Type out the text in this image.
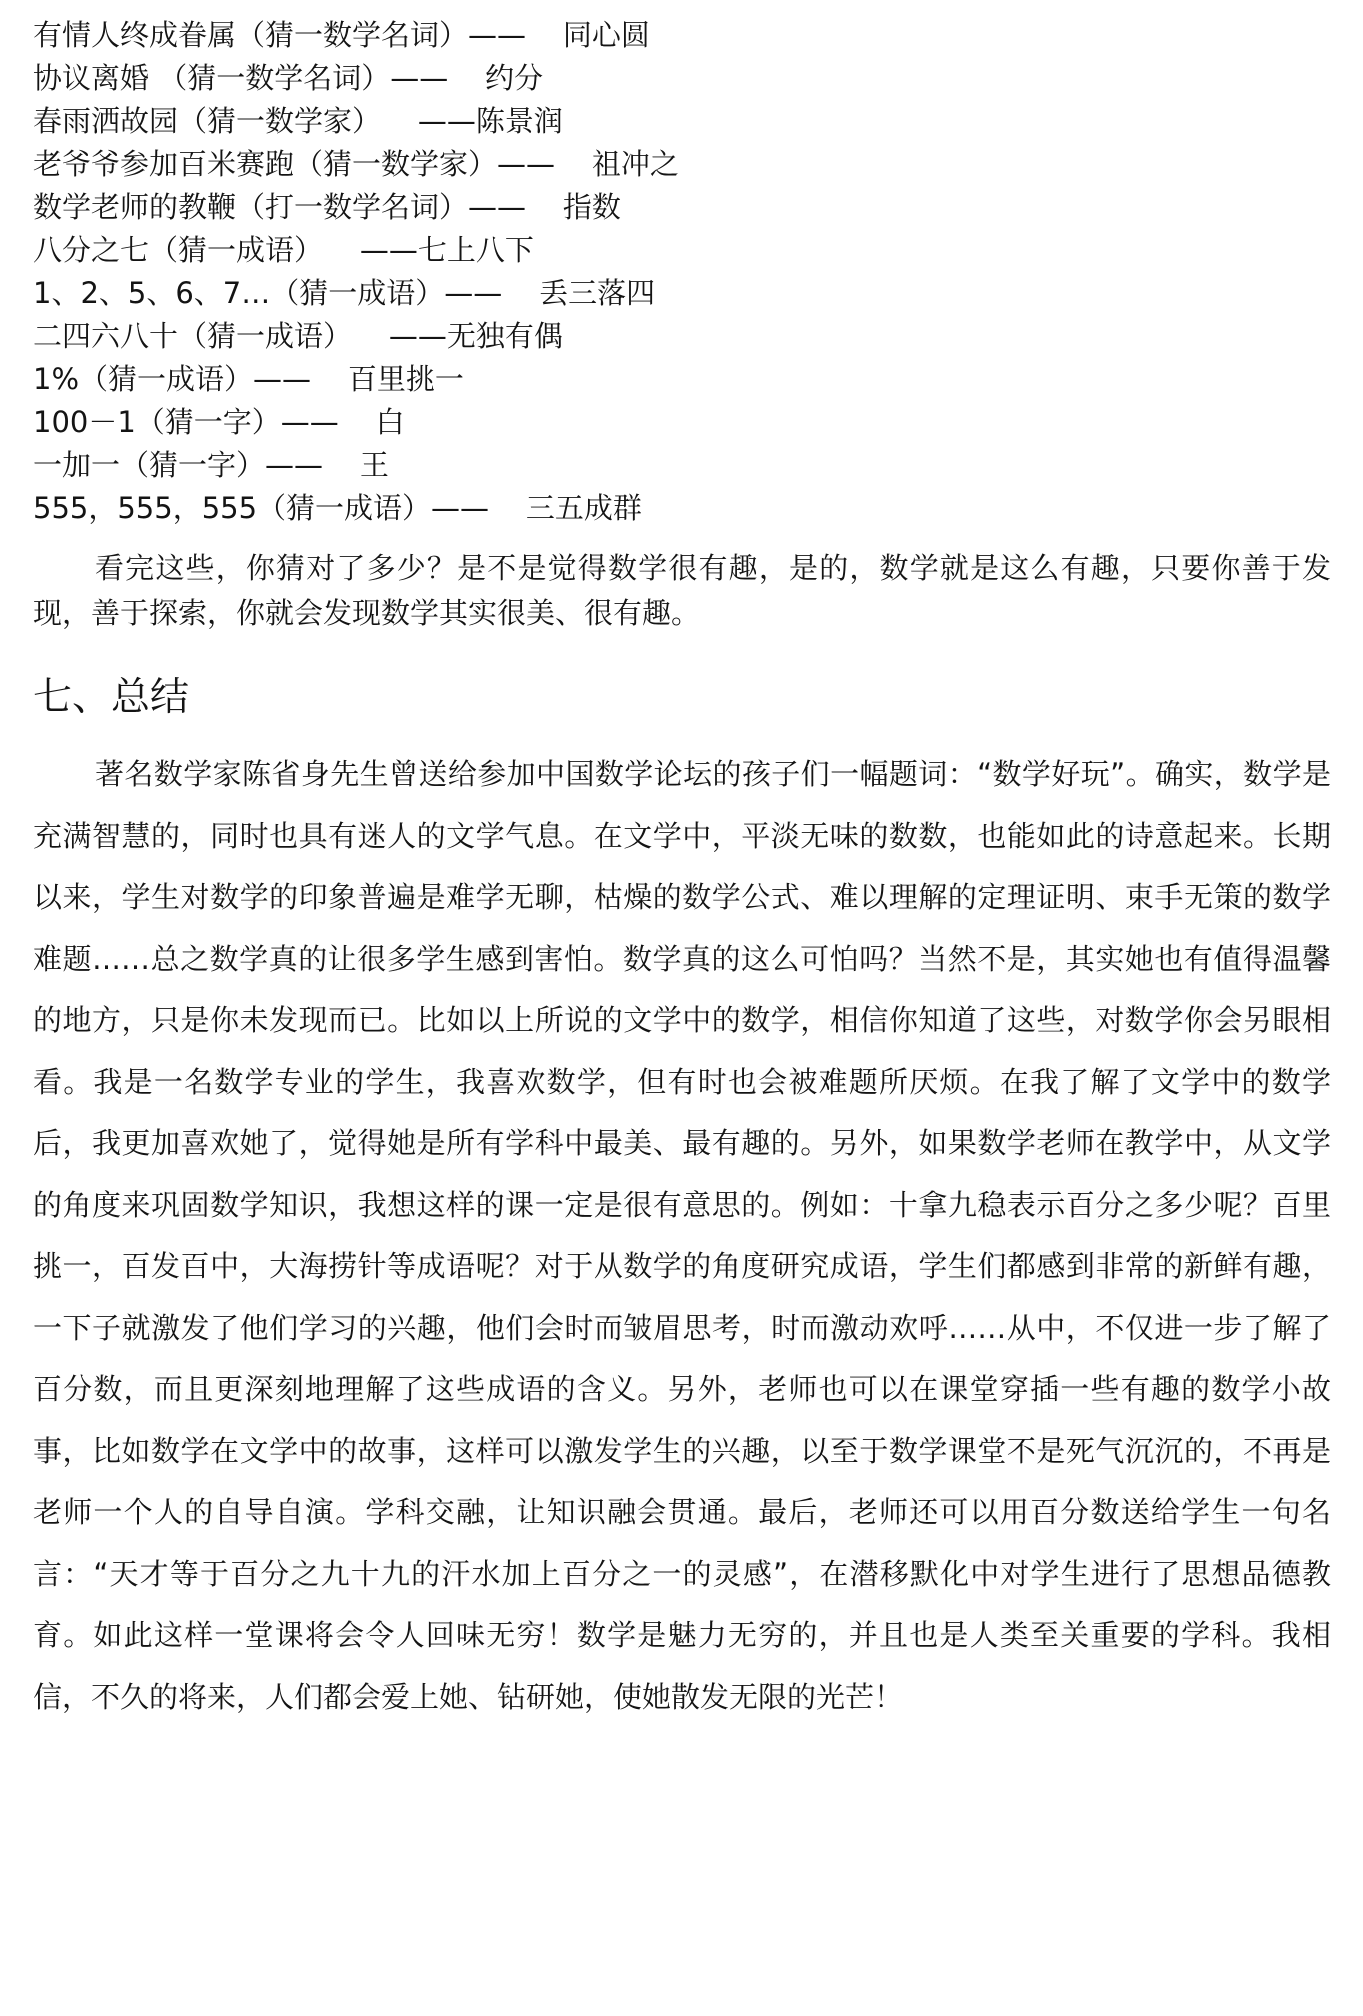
有情人终成眷属（猜一数学名词）——    同心圆
协议离婚 （猜一数学名词）——    约分
春雨洒故园（猜一数学家）    ——陈景润
老爷爷参加百米赛跑（猜一数学家）——    祖冲之
数学老师的教鞭（打一数学名词）——    指数
八分之七（猜一成语）    ——七上八下
1、2、5、6、7…（猜一成语）——    丢三落四
二四六八十（猜一成语）    ——无独有偶
1%（猜一成语）——    百里挑一
100－1（猜一字）——    白
一加一（猜一字）——    王
555，555，555（猜一成语）——    三五成群

看完这些，你猜对了多少？是不是觉得数学很有趣，是的，数学就是这么有趣，只要你善于发现，善于探索，你就会发现数学其实很美、很有趣。

七、总结

著名数学家陈省身先生曾送给参加中国数学论坛的孩子们一幅题词：“数学好玩”。确实，数学是充满智慧的，同时也具有迷人的文学气息。在文学中，平淡无味的数数，也能如此的诗意起来。长期以来，学生对数学的印象普遍是难学无聊，枯燥的数学公式、难以理解的定理证明、束手无策的数学难题……总之数学真的让很多学生感到害怕。数学真的这么可怕吗？当然不是，其实她也有值得温馨的地方，只是你未发现而已。比如以上所说的文学中的数学，相信你知道了这些，对数学你会另眼相看。我是一名数学专业的学生，我喜欢数学，但有时也会被难题所厌烦。在我了解了文学中的数学后，我更加喜欢她了，觉得她是所有学科中最美、最有趣的。另外，如果数学老师在教学中，从文学的角度来巩固数学知识，我想这样的课一定是很有意思的。例如：十拿九稳表示百分之多少呢？百里挑一，百发百中，大海捞针等成语呢？对于从数学的角度研究成语，学生们都感到非常的新鲜有趣，一下子就激发了他们学习的兴趣，他们会时而皱眉思考，时而激动欢呼……从中，不仅进一步了解了百分数，而且更深刻地理解了这些成语的含义。另外，老师也可以在课堂穿插一些有趣的数学小故事，比如数学在文学中的故事，这样可以激发学生的兴趣，以至于数学课堂不是死气沉沉的，不再是老师一个人的自导自演。学科交融，让知识融会贯通。最后，老师还可以用百分数送给学生一句名言：“天才等于百分之九十九的汗水加上百分之一的灵感”，在潜移默化中对学生进行了思想品德教育。如此这样一堂课将会令人回味无穷！数学是魅力无穷的，并且也是人类至关重要的学科。我相信，不久的将来，人们都会爱上她、钻研她，使她散发无限的光芒！
